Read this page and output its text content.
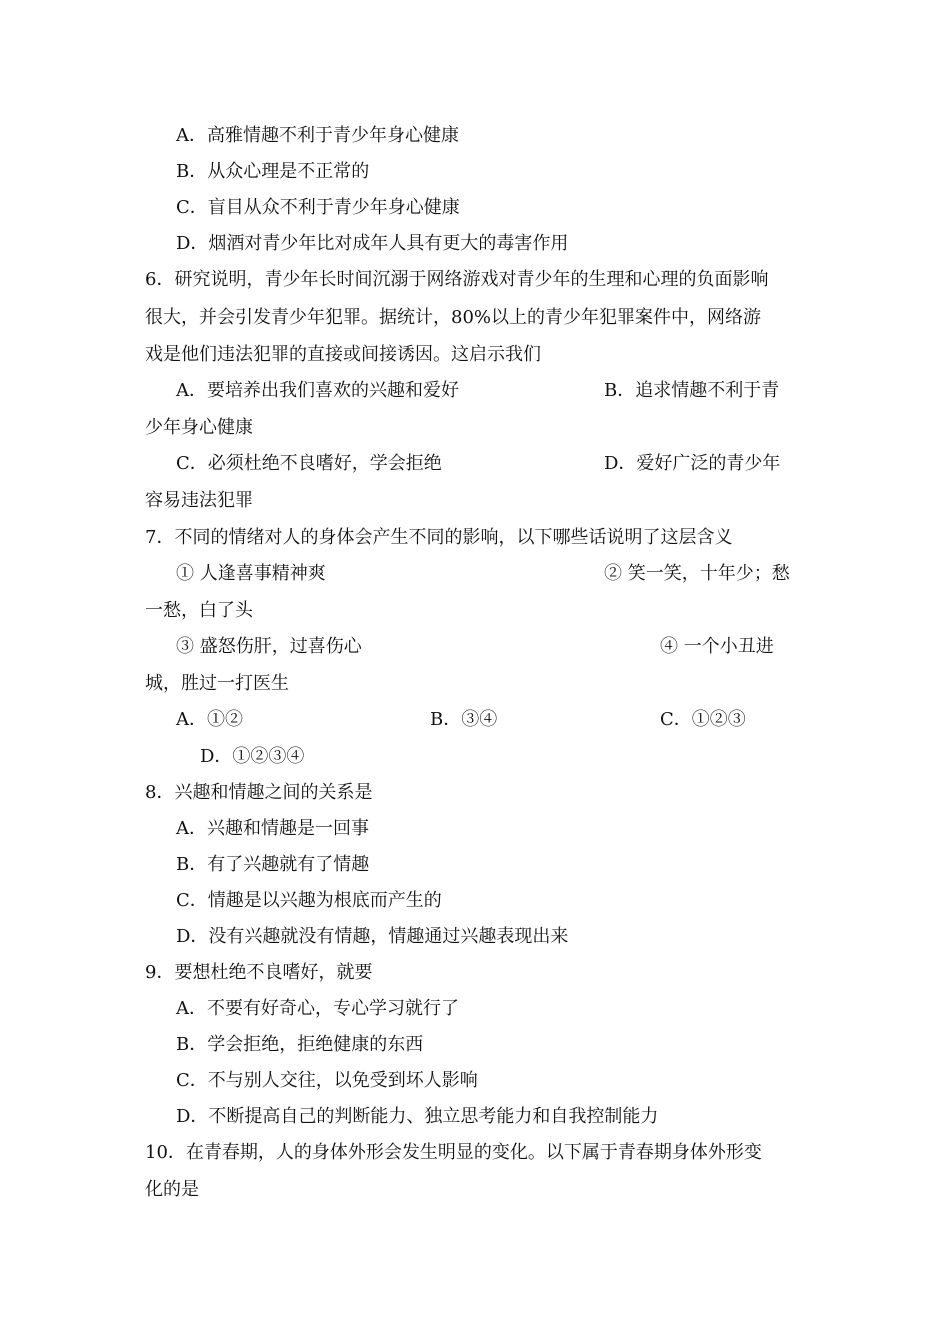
A．高雅情趣不利于青少年身心健康
B．从众心理是不正常的
C．盲目从众不利于青少年身心健康
D．烟酒对青少年比对成年人具有更大的毒害作用
6．研究说明，青少年长时间沉溺于网络游戏对青少年的生理和心理的负面影响
很大，并会引发青少年犯罪。据统计，80%以上的青少年犯罪案件中，网络游
戏是他们违法犯罪的直接或间接诱因。这启示我们
A．要培养出我们喜欢的兴趣和爱好	B．追求情趣不利于青
少年身心健康
C．必须杜绝不良嗜好，学会拒绝	D．爱好广泛的青少年
容易违法犯罪
7．不同的情绪对人的身体会产生不同的影响，以下哪些话说明了这层含义
① 人逢喜事精神爽	② 笑一笑，十年少；愁
一愁，白了头
③ 盛怒伤肝，过喜伤心	④ 一个小丑进
城，胜过一打医生
A．①②	B．③④	C．①②③
D．①②③④
8．兴趣和情趣之间的关系是
A．兴趣和情趣是一回事
B．有了兴趣就有了情趣
C．情趣是以兴趣为根底而产生的
D．没有兴趣就没有情趣，情趣通过兴趣表现出来
9．要想杜绝不良嗜好，就要
A．不要有好奇心，专心学习就行了
B．学会拒绝，拒绝健康的东西
C．不与别人交往，以免受到坏人影响
D．不断提高自己的判断能力、独立思考能力和自我控制能力
10．在青春期，人的身体外形会发生明显的变化。以下属于青春期身体外形变
化的是
